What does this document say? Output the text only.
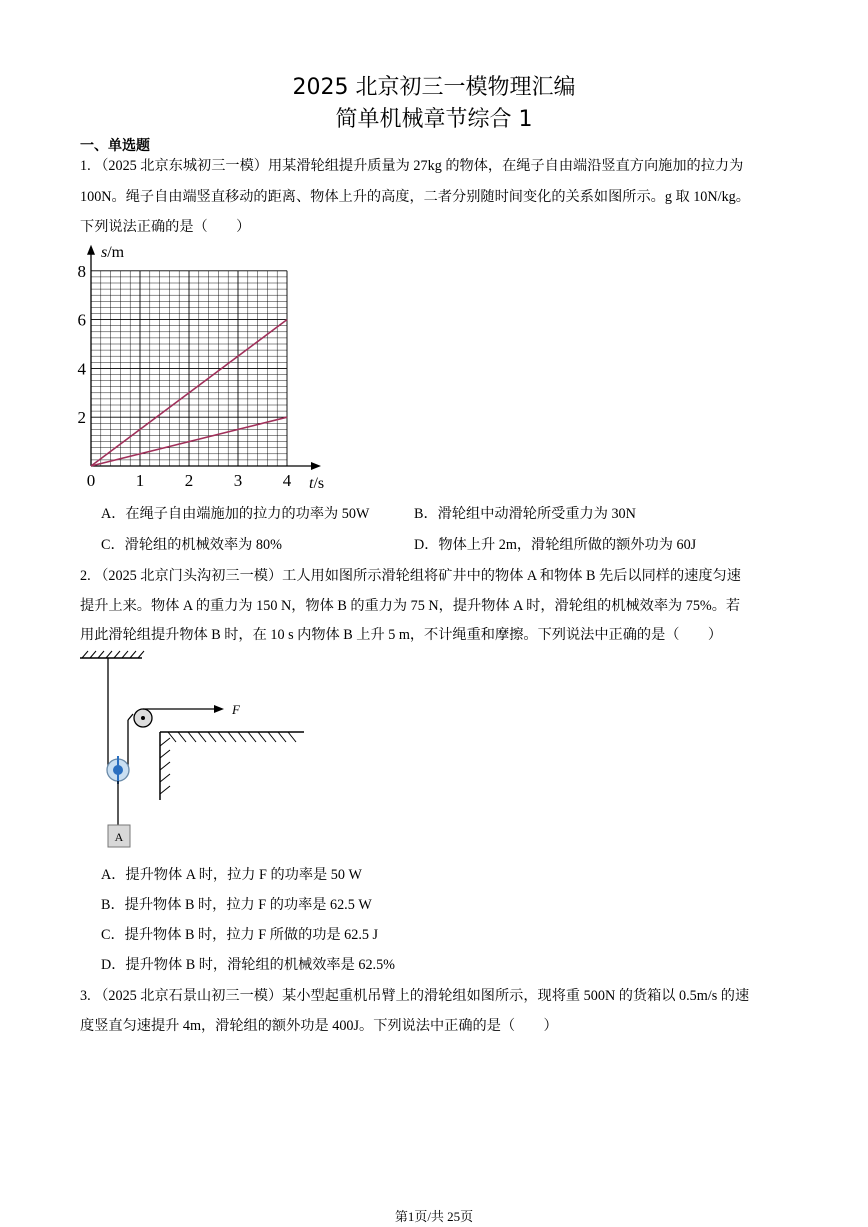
2025 北京初三一模物理汇编
简单机械章节综合 1
一、单选题
1. （2025 北京东城初三一模）用某滑轮组提升质量为 27kg 的物体，在绳子自由端沿竖直方向施加的拉力为
100N。绳子自由端竖直移动的距离、物体上升的高度，二者分别随时间变化的关系如图所示。g 取 10N/kg。
下列说法正确的是（　　）
0 1 2 3 4
2
4
6
8
s/m
t/s
A．在绳子自由端施加的拉力的功率为 50W	B．滑轮组中动滑轮所受重力为 30N
C．滑轮组的机械效率为 80%	D．物体上升 2m，滑轮组所做的额外功为 60J
2. （2025 北京门头沟初三一模）工人用如图所示滑轮组将矿井中的物体 A 和物体 B 先后以同样的速度匀速
提升上来。物体 A 的重力为 150 N，物体 B 的重力为 75 N，提升物体 A 时，滑轮组的机械效率为 75%。若
用此滑轮组提升物体 B 时，在 10 s 内物体 B 上升 5 m，不计绳重和摩擦。下列说法中正确的是（　　）
F
A
A．提升物体 A 时，拉力 F 的功率是 50 W
B．提升物体 B 时，拉力 F 的功率是 62.5 W
C．提升物体 B 时，拉力 F 所做的功是 62.5 J
D．提升物体 B 时，滑轮组的机械效率是 62.5%
3. （2025 北京石景山初三一模）某小型起重机吊臂上的滑轮组如图所示，现将重 500N 的货箱以 0.5m/s 的速
度竖直匀速提升 4m，滑轮组的额外功是 400J。下列说法中正确的是（　　）
第1页/共 25页
